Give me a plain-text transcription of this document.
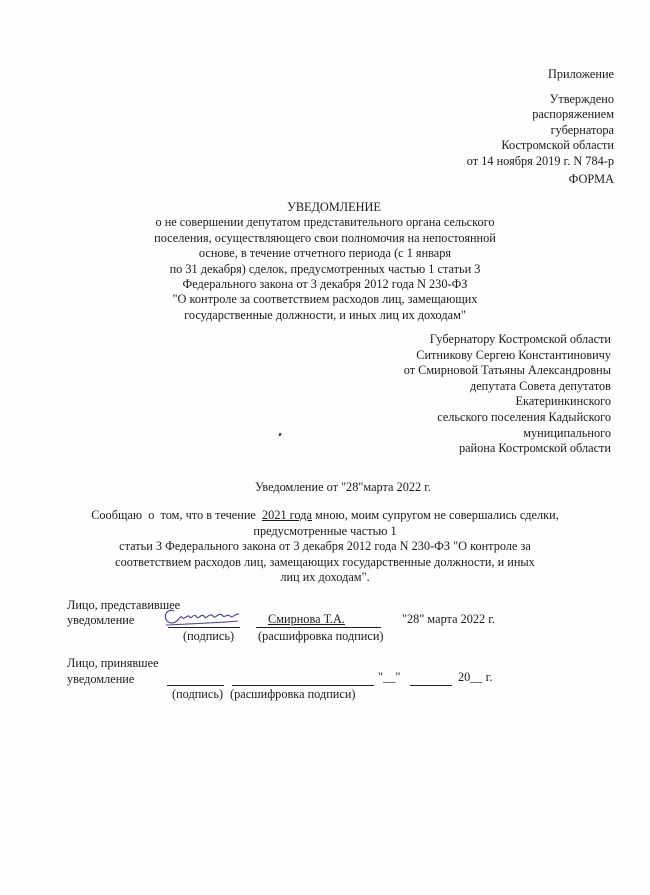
Приложение
Утверждено
распоряжением
губернатора
Костромской области
от 14 ноября 2019 г. N 784-р
ФОРМА
УВЕДОМЛЕНИЕ
о не совершении депутатом представительного органа сельского
поселения, осуществляющего свои полномочия на непостоянной
основе, в течение отчетного периода (с 1 января
по 31 декабря) сделок, предусмотренных частью 1 статьи 3
Федерального закона от 3 декабря 2012 года N 230-ФЗ
"О контроле за соответствием расходов лиц, замещающих
государственные должности, и иных лиц их доходам"
Губернатору Костромской области
Ситникову Сергею Константиновичу
от Смирновой Татьяны Александровны
депутата Совета депутатов
Екатеринкинского
сельского поселения Кадыйского
муниципального
района Костромской области
Уведомление от "28"марта 2022 г.
Сообщаю  о  том, что в течение  2021 года мною, моим супругом не совершались сделки,
предусмотренные частью 1
статьи 3 Федерального закона от 3 декабря 2012 года N 230-ФЗ "О контроле за
соответствием расходов лиц, замещающих государственные должности, и иных
лиц их доходам".
Лицо, представившее
уведомление	Смирнова Т.А.	"28" марта 2022 г.
(подпись) (расшифровка подписи)
Лицо, принявшее
уведомление	"__"	20__ г.
(подпись) (расшифровка подписи)
